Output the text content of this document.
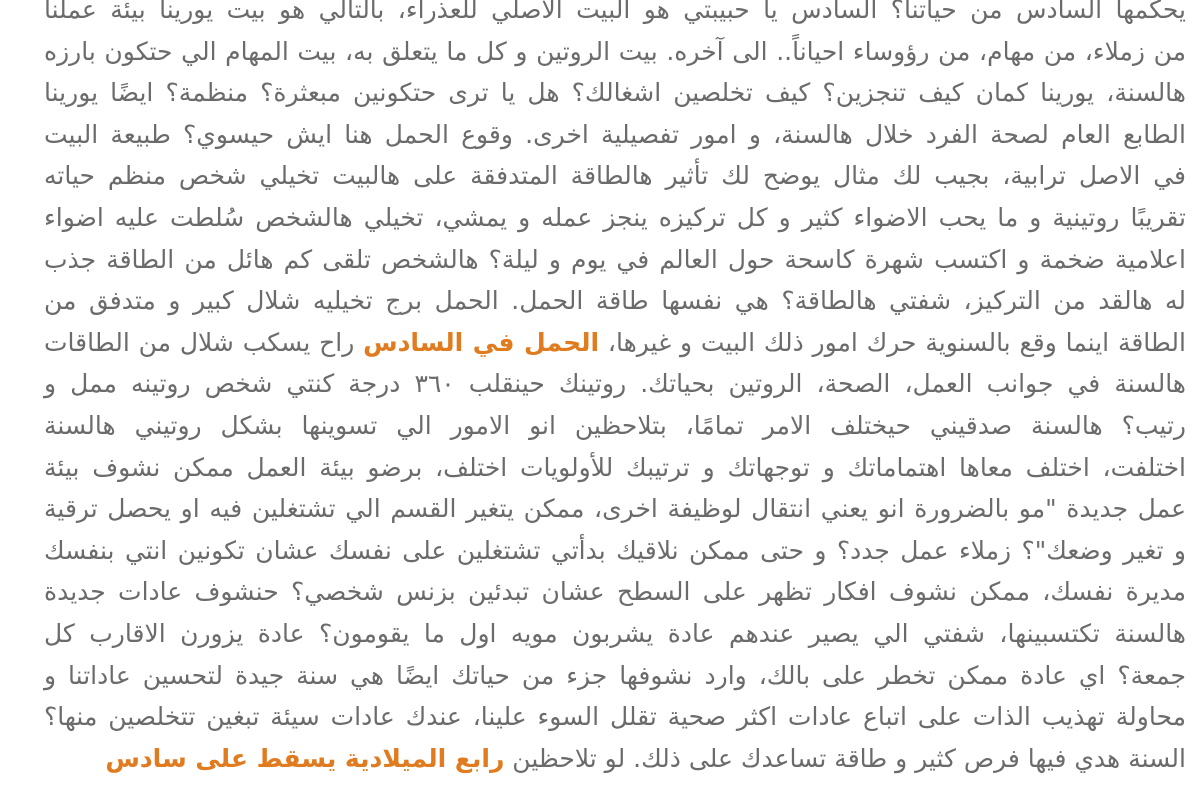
يحكمها السادس من حياتنا؟ السادس يا حبيبتي هو البيت الاصلي للعذراء، بالتالي هو بيت يورينا بيئة عملنا
من زملاء، من مهام، من رؤوساء احياناً.. الى آخره. بيت الروتين و كل ما يتعلق به، بيت المهام الي حتكون بارزه
هالسنة، يورينا كمان كيف تنجزين؟ كيف تخلصين اشغالك؟ هل يا ترى حتكونين مبعثرة؟ منظمة؟ ايضًا يورينا
الطابع العام لصحة الفرد خلال هالسنة، و امور تفصيلية اخرى. وقوع الحمل هنا ايش حيسوي؟ طبيعة البيت
في الاصل ترابية، بجيب لك مثال يوضح لك تأثير هالطاقة المتدفقة على هالبيت تخيلي شخص منظم حياته
تقريبًا روتينية و ما يحب الاضواء كثير و كل تركيزه ينجز عمله و يمشي، تخيلي هالشخص سُلطت عليه اضواء
اعلامية ضخمة و اكتسب شهرة كاسحة حول العالم في يوم و ليلة؟ هالشخص تلقى كم هائل من الطاقة جذب
له هالقد من التركيز، شفتي هالطاقة؟ هي نفسها طاقة الحمل. الحمل برج تخيليه شلال كبير و متدفق من
الطاقة اينما وقع بالسنوية حرك امور ذلك البيت و غيرها، الحمل في السادس راح يسكب شلال من الطاقات
هالسنة في جوانب العمل، الصحة، الروتين بحياتك. روتينك حينقلب ٣٦٠ درجة كنتي شخص روتينه ممل و
رتيب؟ هالسنة صدقيني حيختلف الامر تمامًا، بتلاحظين انو الامور الي تسوينها بشكل روتيني هالسنة
اختلفت، اختلف معاها اهتماماتك و توجهاتك و ترتيبك للأولويات اختلف، برضو بيئة العمل ممكن نشوف بيئة
عمل جديدة "مو بالضرورة انو يعني انتقال لوظيفة اخرى، ممكن يتغير القسم الي تشتغلين فيه او يحصل ترقية
و تغير وضعك"؟ زملاء عمل جدد؟ و حتى ممكن نلاقيك بدأتي تشتغلين على نفسك عشان تكونين انتي بنفسك
مديرة نفسك، ممكن نشوف افكار تظهر على السطح عشان تبدئين بزنس شخصي؟ حنشوف عادات جديدة
هالسنة تكتسبينها، شفتي الي يصير عندهم عادة يشربون مويه اول ما يقومون؟ عادة يزورن الاقارب كل
جمعة؟ اي عادة ممكن تخطر على بالك، وارد نشوفها جزء من حياتك ايضًا هي سنة جيدة لتحسين عاداتنا و
محاولة تهذيب الذات على اتباع عادات اكثر صحية تقلل السوء علينا، عندك عادات سيئة تبغين تتخلصين منها؟
السنة هدي فيها فرص كثير و طاقة تساعدك على ذلك. لو تلاحظين رابع الميلادية يسقط على سادس
